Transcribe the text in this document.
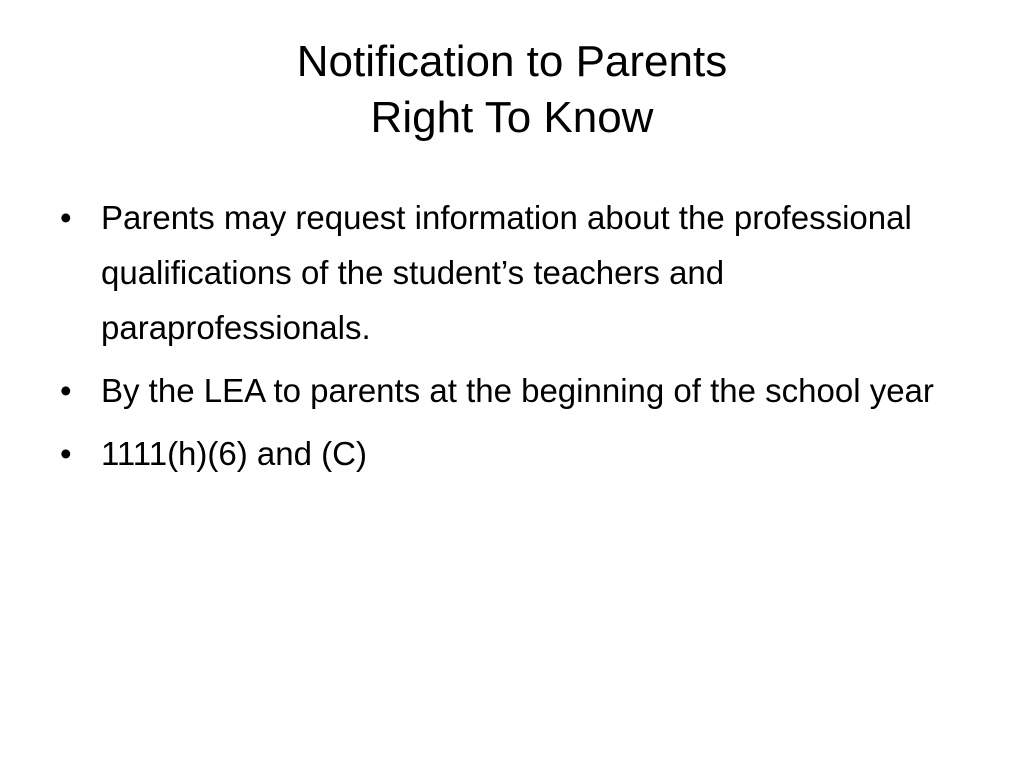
Notification to Parents
Right To Know
• Parents may request information about the professional qualifications of the student’s teachers and paraprofessionals.
• By the LEA to parents at the beginning of the school year
• 1111(h)(6) and (C)
